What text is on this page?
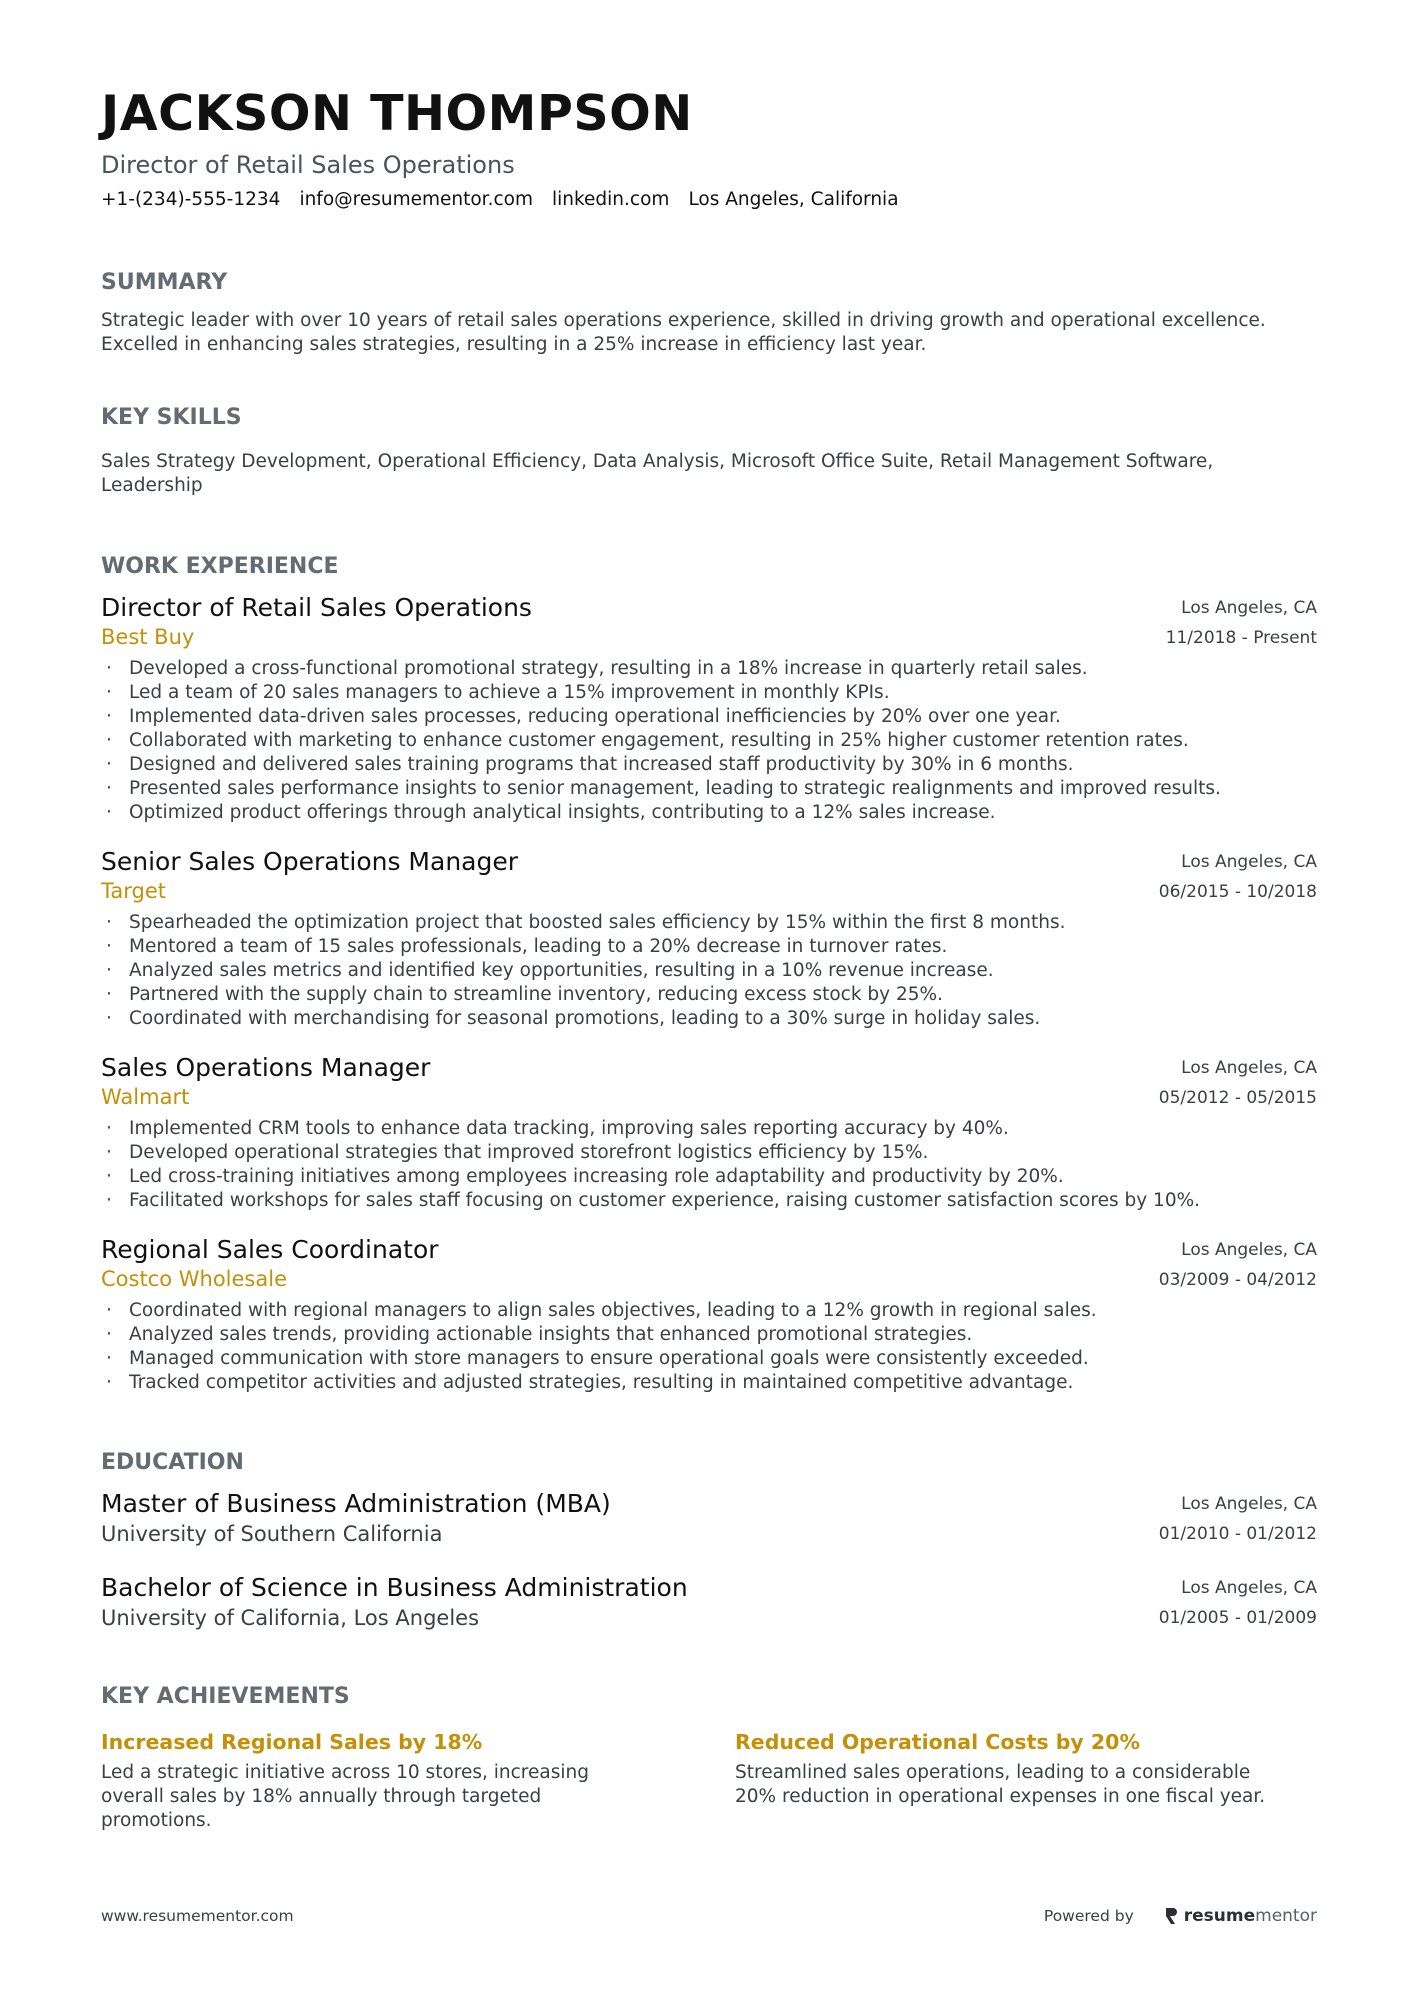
JACKSON THOMPSON
Director of Retail Sales Operations
+1-(234)-555-1234 info@resumementor.com linkedin.com Los Angeles, California
SUMMARY
Strategic leader with over 10 years of retail sales operations experience, skilled in driving growth and operational excellence. Excelled in enhancing sales strategies, resulting in a 25% increase in efficiency last year.
KEY SKILLS
Sales Strategy Development, Operational Efficiency, Data Analysis, Microsoft Office Suite, Retail Management Software, Leadership
WORK EXPERIENCE
Director of Retail Sales Operations
Best Buy
Los Angeles, CA
11/2018 - Present
· Developed a cross-functional promotional strategy, resulting in a 18% increase in quarterly retail sales.
· Led a team of 20 sales managers to achieve a 15% improvement in monthly KPIs.
· Implemented data-driven sales processes, reducing operational inefficiencies by 20% over one year.
· Collaborated with marketing to enhance customer engagement, resulting in 25% higher customer retention rates.
· Designed and delivered sales training programs that increased staff productivity by 30% in 6 months.
· Presented sales performance insights to senior management, leading to strategic realignments and improved results.
· Optimized product offerings through analytical insights, contributing to a 12% sales increase.
Senior Sales Operations Manager
Target
Los Angeles, CA
06/2015 - 10/2018
· Spearheaded the optimization project that boosted sales efficiency by 15% within the first 8 months.
· Mentored a team of 15 sales professionals, leading to a 20% decrease in turnover rates.
· Analyzed sales metrics and identified key opportunities, resulting in a 10% revenue increase.
· Partnered with the supply chain to streamline inventory, reducing excess stock by 25%.
· Coordinated with merchandising for seasonal promotions, leading to a 30% surge in holiday sales.
Sales Operations Manager
Walmart
Los Angeles, CA
05/2012 - 05/2015
· Implemented CRM tools to enhance data tracking, improving sales reporting accuracy by 40%.
· Developed operational strategies that improved storefront logistics efficiency by 15%.
· Led cross-training initiatives among employees increasing role adaptability and productivity by 20%.
· Facilitated workshops for sales staff focusing on customer experience, raising customer satisfaction scores by 10%.
Regional Sales Coordinator
Costco Wholesale
Los Angeles, CA
03/2009 - 04/2012
· Coordinated with regional managers to align sales objectives, leading to a 12% growth in regional sales.
· Analyzed sales trends, providing actionable insights that enhanced promotional strategies.
· Managed communication with store managers to ensure operational goals were consistently exceeded.
· Tracked competitor activities and adjusted strategies, resulting in maintained competitive advantage.
EDUCATION
Master of Business Administration (MBA)
University of Southern California
Los Angeles, CA
01/2010 - 01/2012
Bachelor of Science in Business Administration
University of California, Los Angeles
Los Angeles, CA
01/2005 - 01/2009
KEY ACHIEVEMENTS
Increased Regional Sales by 18%
Led a strategic initiative across 10 stores, increasing overall sales by 18% annually through targeted promotions.
Reduced Operational Costs by 20%
Streamlined sales operations, leading to a considerable 20% reduction in operational expenses in one fiscal year.
www.resumementor.com	Powered by	resumementor
